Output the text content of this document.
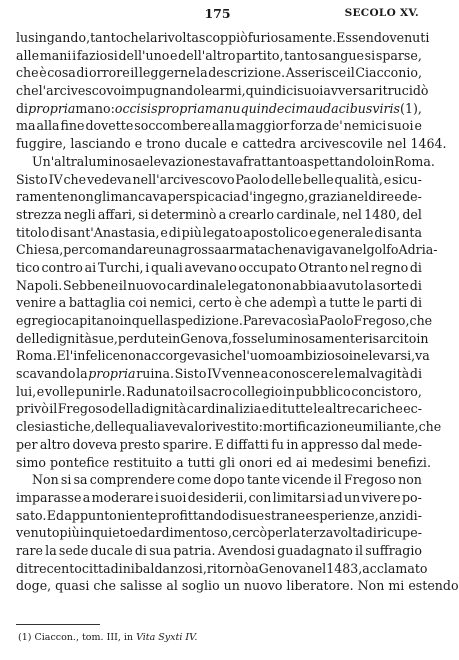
175	SECOLO XV.
lusingando, tanto che la rivolta scoppiò furiosamente. Essendo venuti
alle mani i faziosi dell'uno e dell'altro partito, tanto sangue si sparse,
che è cosa di orrore il leggerne la descrizione. Asserisce il Ciacconio,
che l'arcivescovo impugnando le armi, quindici suoi avversari trucidò
di propria mano : occisis propria manu quindecim audacibus viris (1),
ma alla fine dovette soccombere alla maggior forza de' nemici suoi e
fuggire, lasciando e trono ducale e cattedra arcivescovile nel 1464.
Un'altra luminosa elevazione stava frattanto aspettandolo in Roma.
Sisto IV che vedeva nell'arcivescovo Paolo delle belle qualità, e sicu-
ramente non gli mancava perspicacia d'ingegno, grazia nel dire e de-
strezza negli affari, si determinò a crearlo cardinale, nel 1480, del
titolo di sant'Anastasia, e di più legato apostolico e generale di santa
Chiesa, per comandare una grossa armata che navigava nel golfo Adria-
tico contro ai Turchi, i quali avevano occupato Otranto nel regno di
Napoli. Sebbene il nuovo cardinale legato non abbia avuto la sorte di
venire a battaglia coi nemici, certo è che adempì a tutte le parti di
egregio capitano in quella spedizione. Pareva così a Paolo Fregoso, che
delle dignità sue, perdute in Genova, fosse luminosamente risarcito in
Roma. E l'infelice non accorgevasi che l'uomo ambizioso in elevarsi, va
scavando la propria ruina. Sisto IV venne a conoscere le malvagità di
lui, e volle punirle. Radunato il sacro collegio in pubblico concistoro,
privò il Fregoso della dignità cardinalizia e di tutte le altre cariche ec-
clesiastiche, delle quali avevalo rivestito: mortificazione umiliante, che
per altro doveva presto sparire. E diffatti fu in appresso dal mede-
simo pontefice restituito a tutti gli onori ed ai medesimi benefizi.
Non si sa comprendere come dopo tante vicende il Fregoso non
imparasse a moderare i suoi desiderii, con limitarsi ad un vivere po-
sato. Ed appunto niente profittando di sue strane esperienze, anzi di-
venuto più inquieto ed ardimentoso, cercò per la terza volta di ricupe-
rare la sede ducale di sua patria. Avendosi guadagnato il suffragio
di trecento cittadini baldanzosi, ritornò a Genova nel 1483, acclamato
doge, quasi che salisse al soglio un nuovo liberatore. Non mi estendo
(1) Ciaccon., tom. III, in Vita Syxti IV.
